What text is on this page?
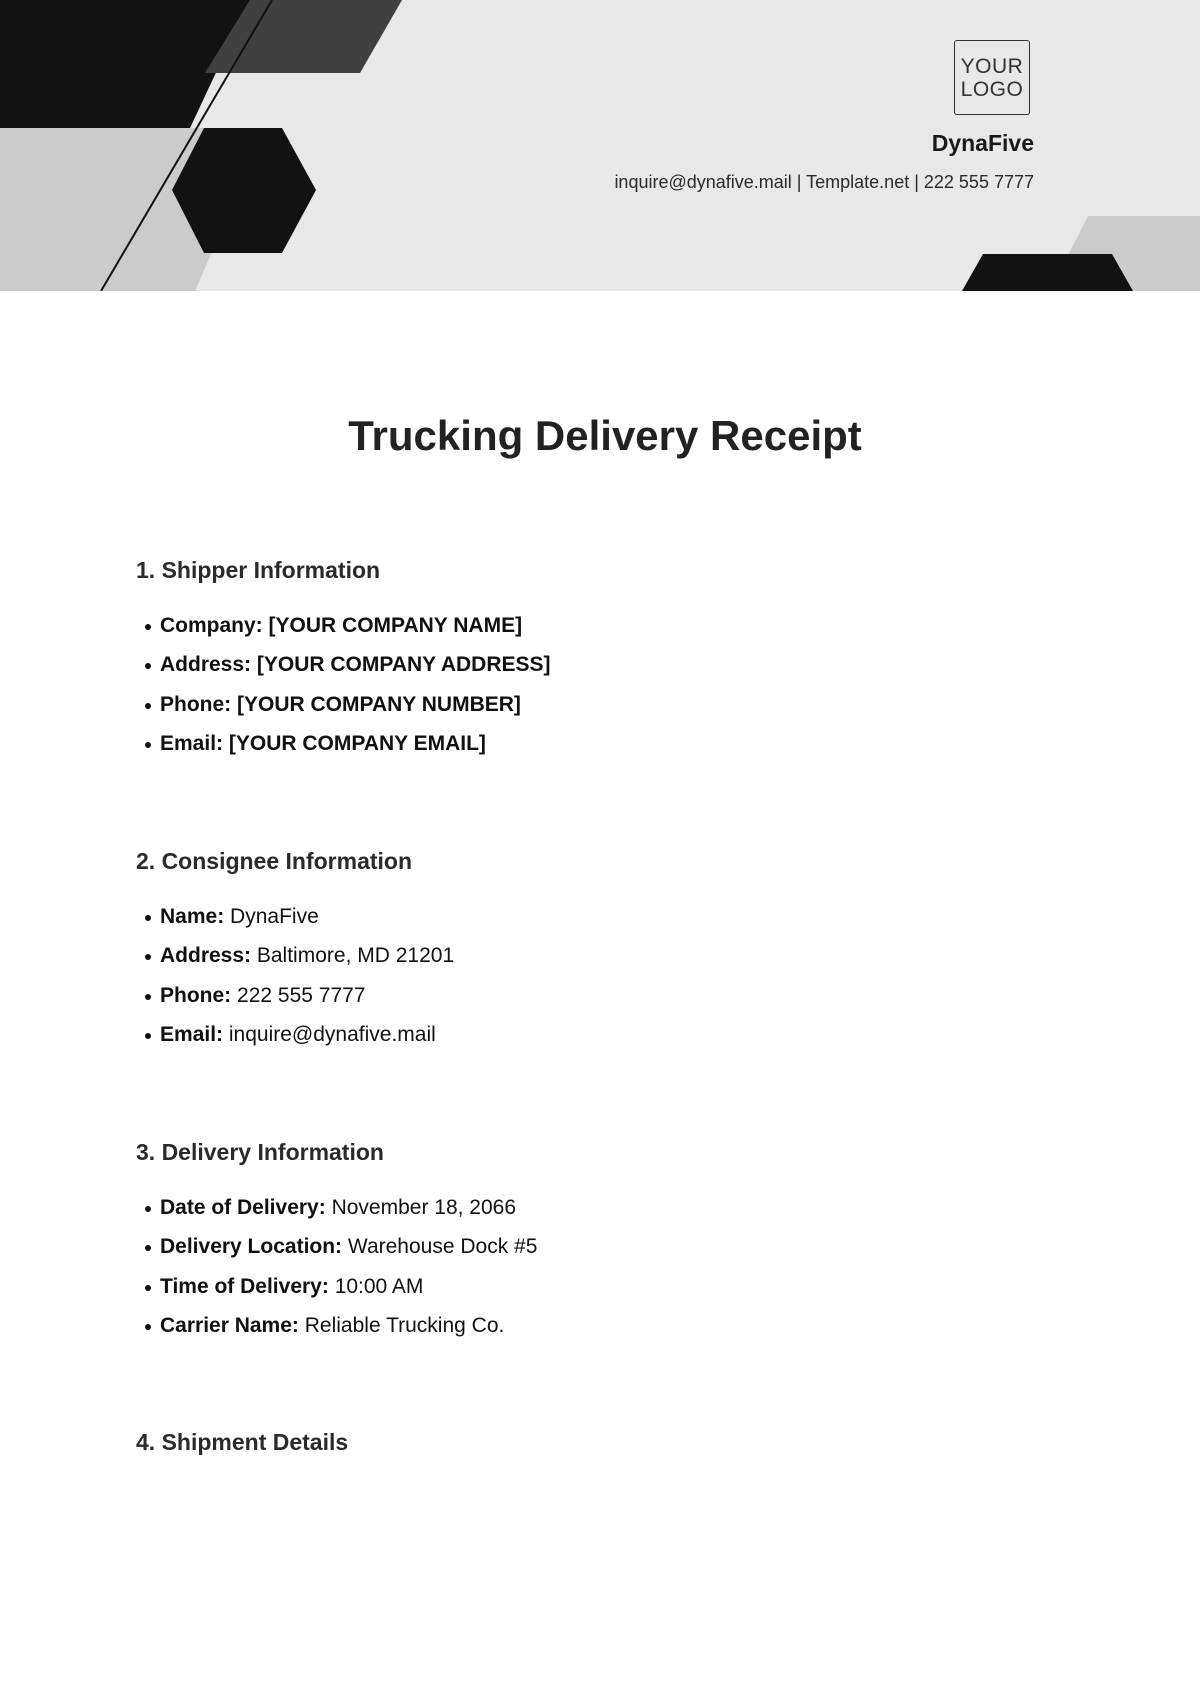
YOUR
LOGO
DynaFive
inquire@dynafive.mail | Template.net | 222 555 7777
Trucking Delivery Receipt
1. Shipper Information
Company: [YOUR COMPANY NAME]
Address: [YOUR COMPANY ADDRESS]
Phone: [YOUR COMPANY NUMBER]
Email: [YOUR COMPANY EMAIL]
2. Consignee Information
Name: DynaFive
Address: Baltimore, MD 21201
Phone: 222 555 7777
Email: inquire@dynafive.mail
3. Delivery Information
Date of Delivery: November 18, 2066
Delivery Location: Warehouse Dock #5
Time of Delivery: 10:00 AM
Carrier Name: Reliable Trucking Co.
4. Shipment Details
